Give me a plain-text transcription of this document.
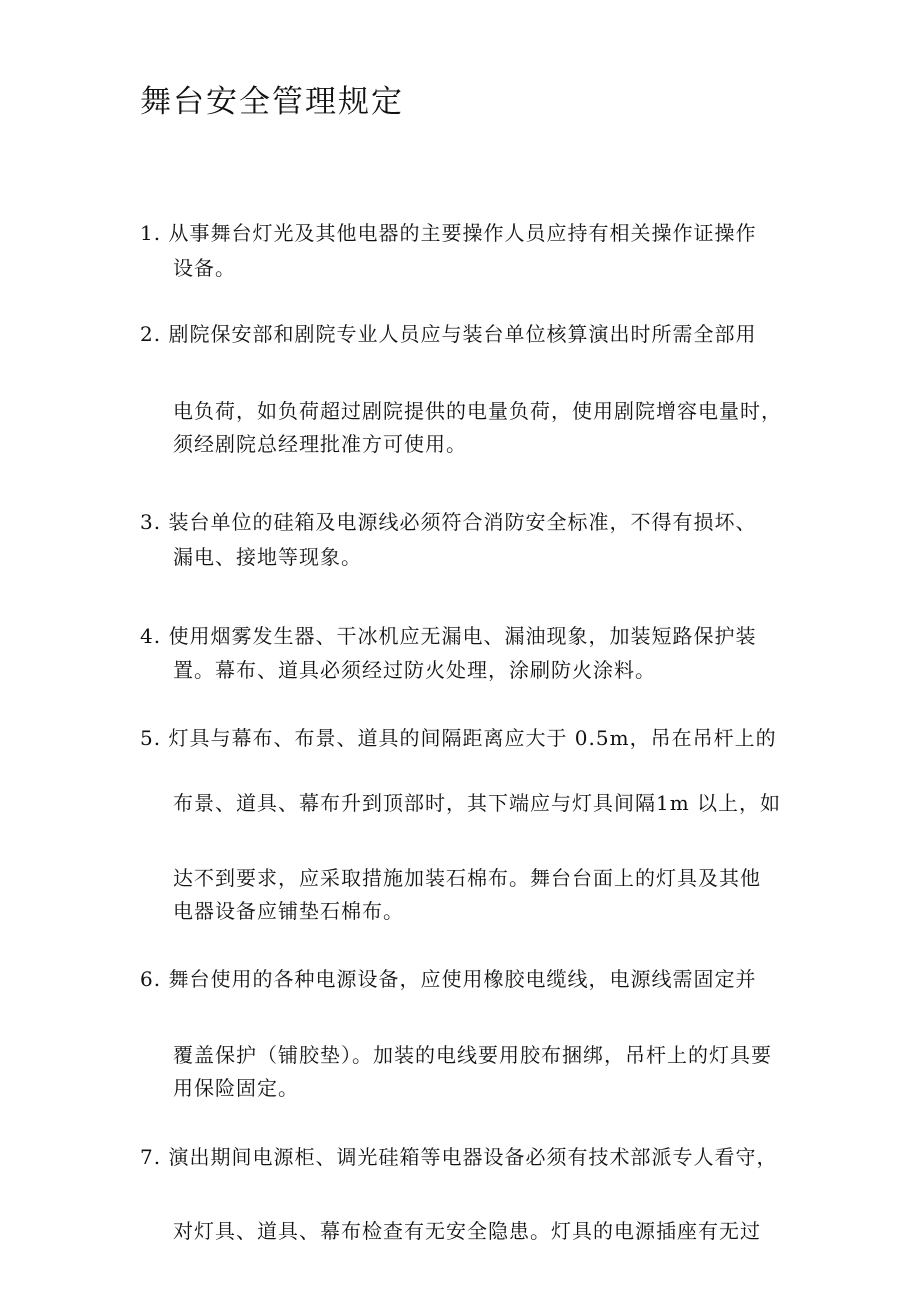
舞台安全管理规定
1. 从事舞台灯光及其他电器的主要操作人员应持有相关操作证操作
设备。
2. 剧院保安部和剧院专业人员应与装台单位核算演出时所需全部用
电负荷，如负荷超过剧院提供的电量负荷，使用剧院增容电量时，
须经剧院总经理批准方可使用。
3. 装台单位的硅箱及电源线必须符合消防安全标准，不得有损坏、
漏电、接地等现象。
4. 使用烟雾发生器、干冰机应无漏电、漏油现象，加装短路保护装
置。幕布、道具必须经过防火处理，涂刷防火涂料。
5. 灯具与幕布、布景、道具的间隔距离应大于 0.5m，吊在吊杆上的
布景、道具、幕布升到顶部时，其下端应与灯具间隔1m 以上，如
达不到要求，应采取措施加装石棉布。舞台台面上的灯具及其他
电器设备应铺垫石棉布。
6. 舞台使用的各种电源设备，应使用橡胶电缆线，电源线需固定并
覆盖保护（铺胶垫）。加装的电线要用胶布捆绑，吊杆上的灯具要
用保险固定。
7. 演出期间电源柜、调光硅箱等电器设备必须有技术部派专人看守，
对灯具、道具、幕布检查有无安全隐患。灯具的电源插座有无过
